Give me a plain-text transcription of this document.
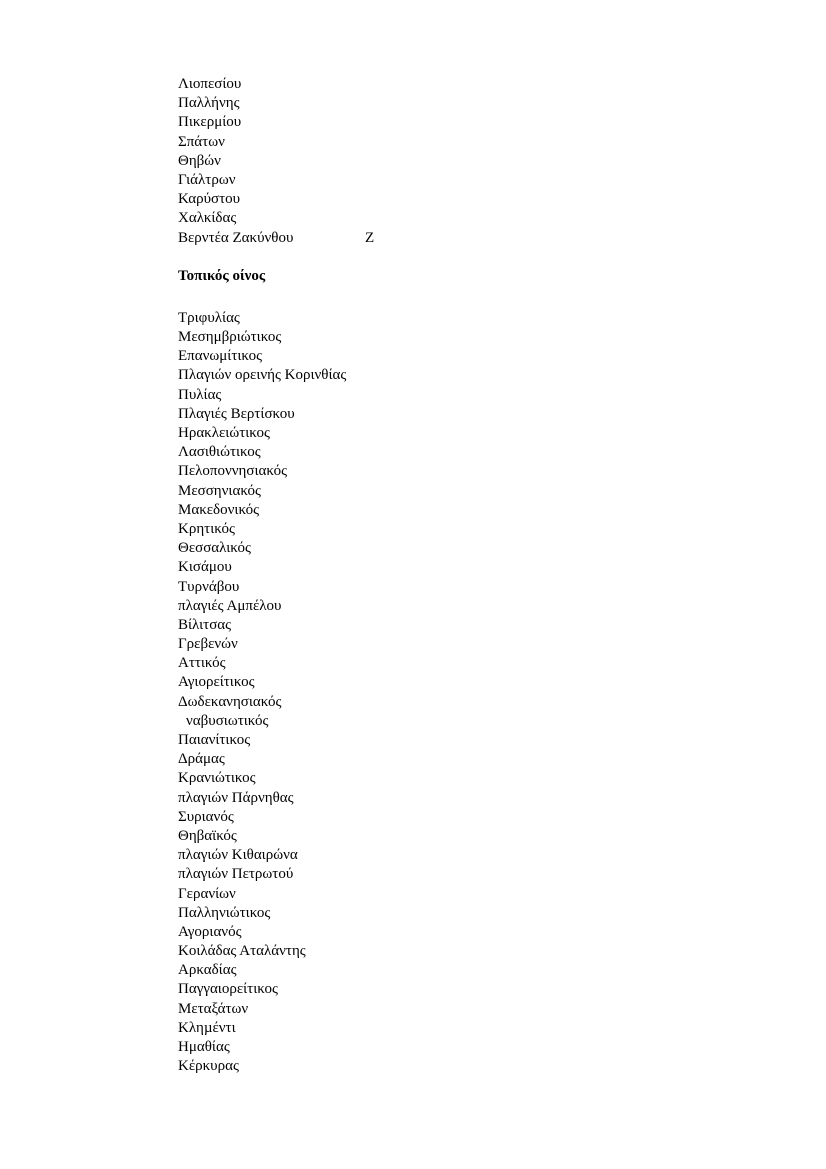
Λιοπεσίου
Παλλήνης
Πικερμίου
Σπάτων
Θηβών
Γιάλτρων
Καρύστου
Χαλκίδας
Βερντέα Ζακύνθου	Ζ
Τοπικός οίνος
Τριφυλίας
Μεσημβριώτικος
Επανωμίτικος
Πλαγιών ορεινής Κορινθίας
Πυλίας
Πλαγιές Βερτίσκου
Ηρακλειώτικος
Λασιθιώτικος
Πελοποννησιακός
Μεσσηνιακός
Μακεδονικός
Κρητικός
Θεσσαλικός
Κισάμου
Τυρνάβου
πλαγιές Αμπέλου
Βίλιτσας
Γρεβενών
Αττικός
Αγιορείτικος
Δωδεκανησιακός
ναβυσιωτικός
Παιανίτικος
Δράμας
Κρανιώτικος
πλαγιών Πάρνηθας
Συριανός
Θηβαϊκός
πλαγιών Κιθαιρώνα
πλαγιών Πετρωτού
Γερανίων
Παλληνιώτικος
Αγοριανός
Κοιλάδας Αταλάντης
Αρκαδίας
Παγγαιορείτικος
Μεταξάτων
Κληµέντι
Ημαθίας
Κέρκυρας
